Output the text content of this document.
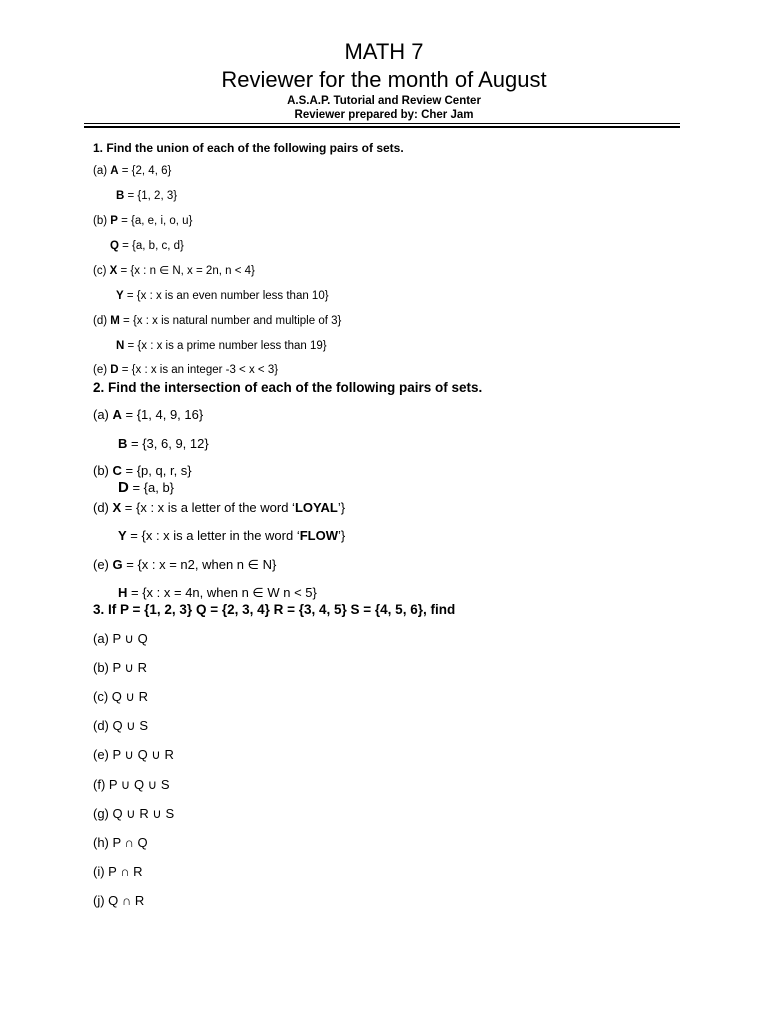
MATH 7
Reviewer for the month of August
A.S.A.P. Tutorial and Review Center
Reviewer prepared by: Cher Jam
1. Find the union of each of the following pairs of sets.
(a) A = {2, 4, 6}
B = {1, 2, 3}
(b) P = {a, e, i, o, u}
Q = {a, b, c, d}
(c) X = {x : n ∈ N, x = 2n, n < 4}
Y = {x : x is an even number less than 10}
(d) M = {x : x is natural number and multiple of 3}
N = {x : x is a prime number less than 19}
(e) D = {x : x is an integer -3 < x < 3}
2. Find the intersection of each of the following pairs of sets.
(a) A = {1, 4, 9, 16}
B = {3, 6, 9, 12}
(b) C = {p, q, r, s}
D = {a, b}
(d) X = {x : x is a letter of the word ‘LOYAL’}
Y = {x : x is a letter in the word ‘FLOW’}
(e) G = {x : x = n2, when n ∈ N}
H = {x : x = 4n, when n ∈ W n < 5}
3. If P = {1, 2, 3} Q = {2, 3, 4} R = {3, 4, 5} S = {4, 5, 6}, find
(a) P ∪ Q
(b) P ∪ R
(c) Q ∪ R
(d) Q ∪ S
(e) P ∪ Q ∪ R
(f) P ∪ Q ∪ S
(g) Q ∪ R ∪ S
(h) P ∩ Q
(i) P ∩ R
(j) Q ∩ R
